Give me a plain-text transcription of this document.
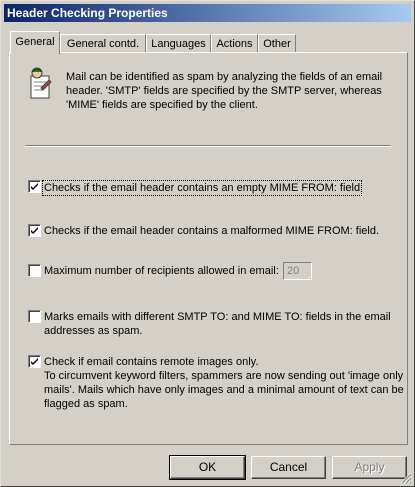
Header Checking Properties
General	General contd.	Languages Actions Other
Mail can be identified as spam by analyzing the fields of an email header. 'SMTP' fields are specified by the SMTP server, whereas 'MIME' fields are specified by the client.
Checks if the email header contains an empty MIME FROM: field
Checks if the email header contains a malformed MIME FROM: field.
Maximum number of recipients allowed in email: 20
Marks emails with different SMTP TO: and MIME TO: fields in the email
addresses as spam.
Check if email contains remote images only.
To circumvent keyword filters, spammers are now sending out 'image only
mails'. Mails which have only images and a minimal amount of text can be
flagged as spam.
OK	Cancel	Apply
